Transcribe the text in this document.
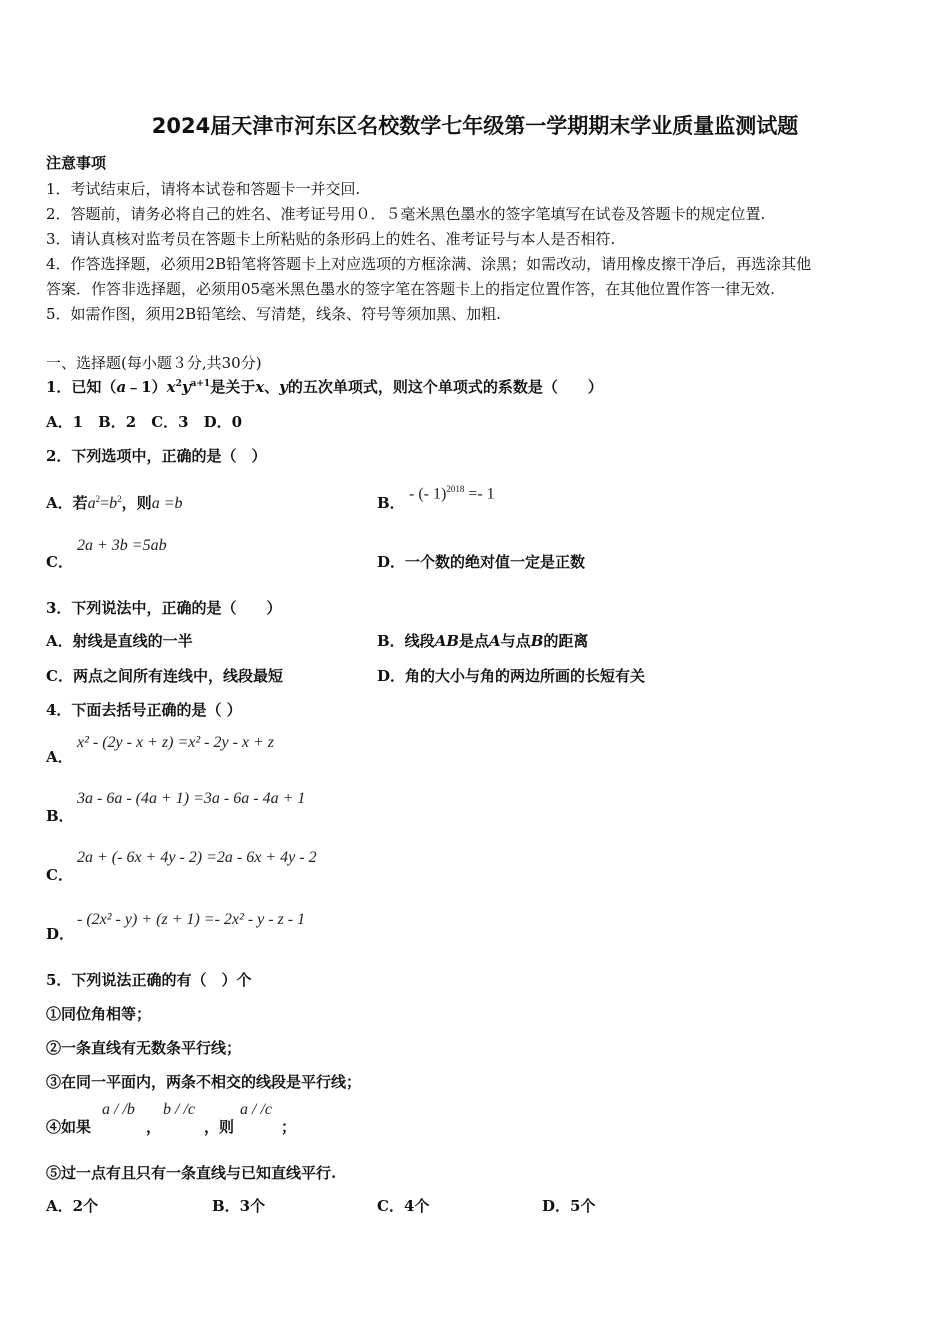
2024届天津市河东区名校数学七年级第一学期期末学业质量监测试题
注意事项
1．考试结束后，请将本试卷和答题卡一并交回.
2．答题前，请务必将自己的姓名、准考证号用０．５毫米黑色墨水的签字笔填写在试卷及答题卡的规定位置.
3．请认真核对监考员在答题卡上所粘贴的条形码上的姓名、准考证号与本人是否相符.
4．作答选择题，必须用2B铅笔将答题卡上对应选项的方框涂满、涂黑；如需改动，请用橡皮擦干净后，再选涂其他
答案．作答非选择题，必须用05毫米黑色墨水的签字笔在答题卡上的指定位置作答，在其他位置作答一律无效.
5．如需作图，须用2B铅笔绘、写清楚，线条、符号等须加黑、加粗.
一、选择题(每小题３分,共30分)
1．已知$(a﹣1)x^2y^{a+1}$是关于x、y的五次单项式，则这个单项式的系数是（　　）
A．1　B．2　C．3　D．0
2．下列选项中，正确的是（　）
A．若$a^2=b^2$，则a =b	B．
- (- 1)$^{2018}$ =- 1
C．
2a + 3b =5ab
D．一个数的绝对值一定是正数
3．下列说法中，正确的是（　　）
A．射线是直线的一半	B．线段AB是点A与点B的距离
C．两点之间所有连线中，线段最短	D．角的大小与角的两边所画的长短有关
4．下面去括号正确的是（ ）
A．
x² - (2y - x + z) =x² - 2y - x + z
B．
3a - 6a - (4a + 1) =3a - 6a - 4a + 1
C．
2a + (- 6x + 4y - 2) =2a - 6x + 4y - 2
D．
- (2x² - y) + (z + 1) =- 2x² - y - z - 1
5．下列说法正确的有（　）个
①同位角相等；
②一条直线有无数条平行线；
③在同一平面内，两条不相交的线段是平行线；
④如果
a / /b
，
b / /c
，则
a / /c
；
⑤过一点有且只有一条直线与已知直线平行.
A．2个	B．3个	C．4个	D．5个
